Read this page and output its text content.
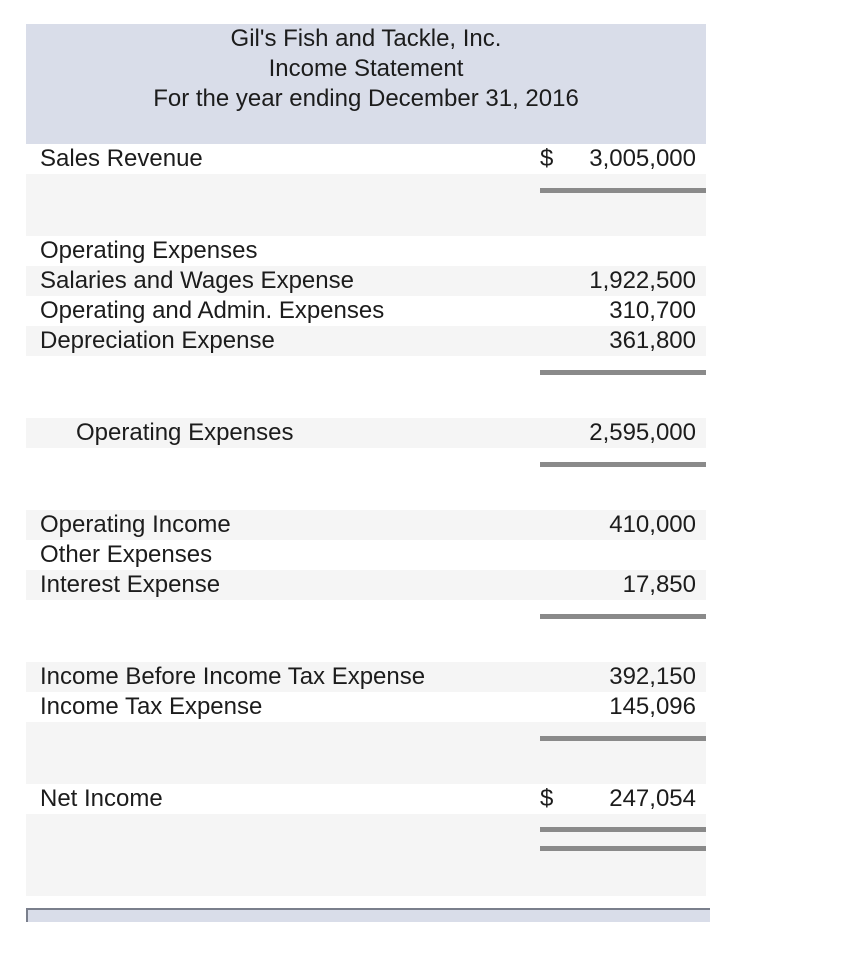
Gil's Fish and Tackle, Inc.
Income Statement
For the year ending December 31, 2016
Sales Revenue	$ 3,005,000
Operating Expenses
Salaries and Wages Expense	1,922,500
Operating and Admin. Expenses	310,700
Depreciation Expense	361,800
Operating Expenses	2,595,000
Operating Income	410,000
Other Expenses
Interest Expense	17,850
Income Before Income Tax Expense	392,150
Income Tax Expense	145,096
Net Income	$ 247,054
